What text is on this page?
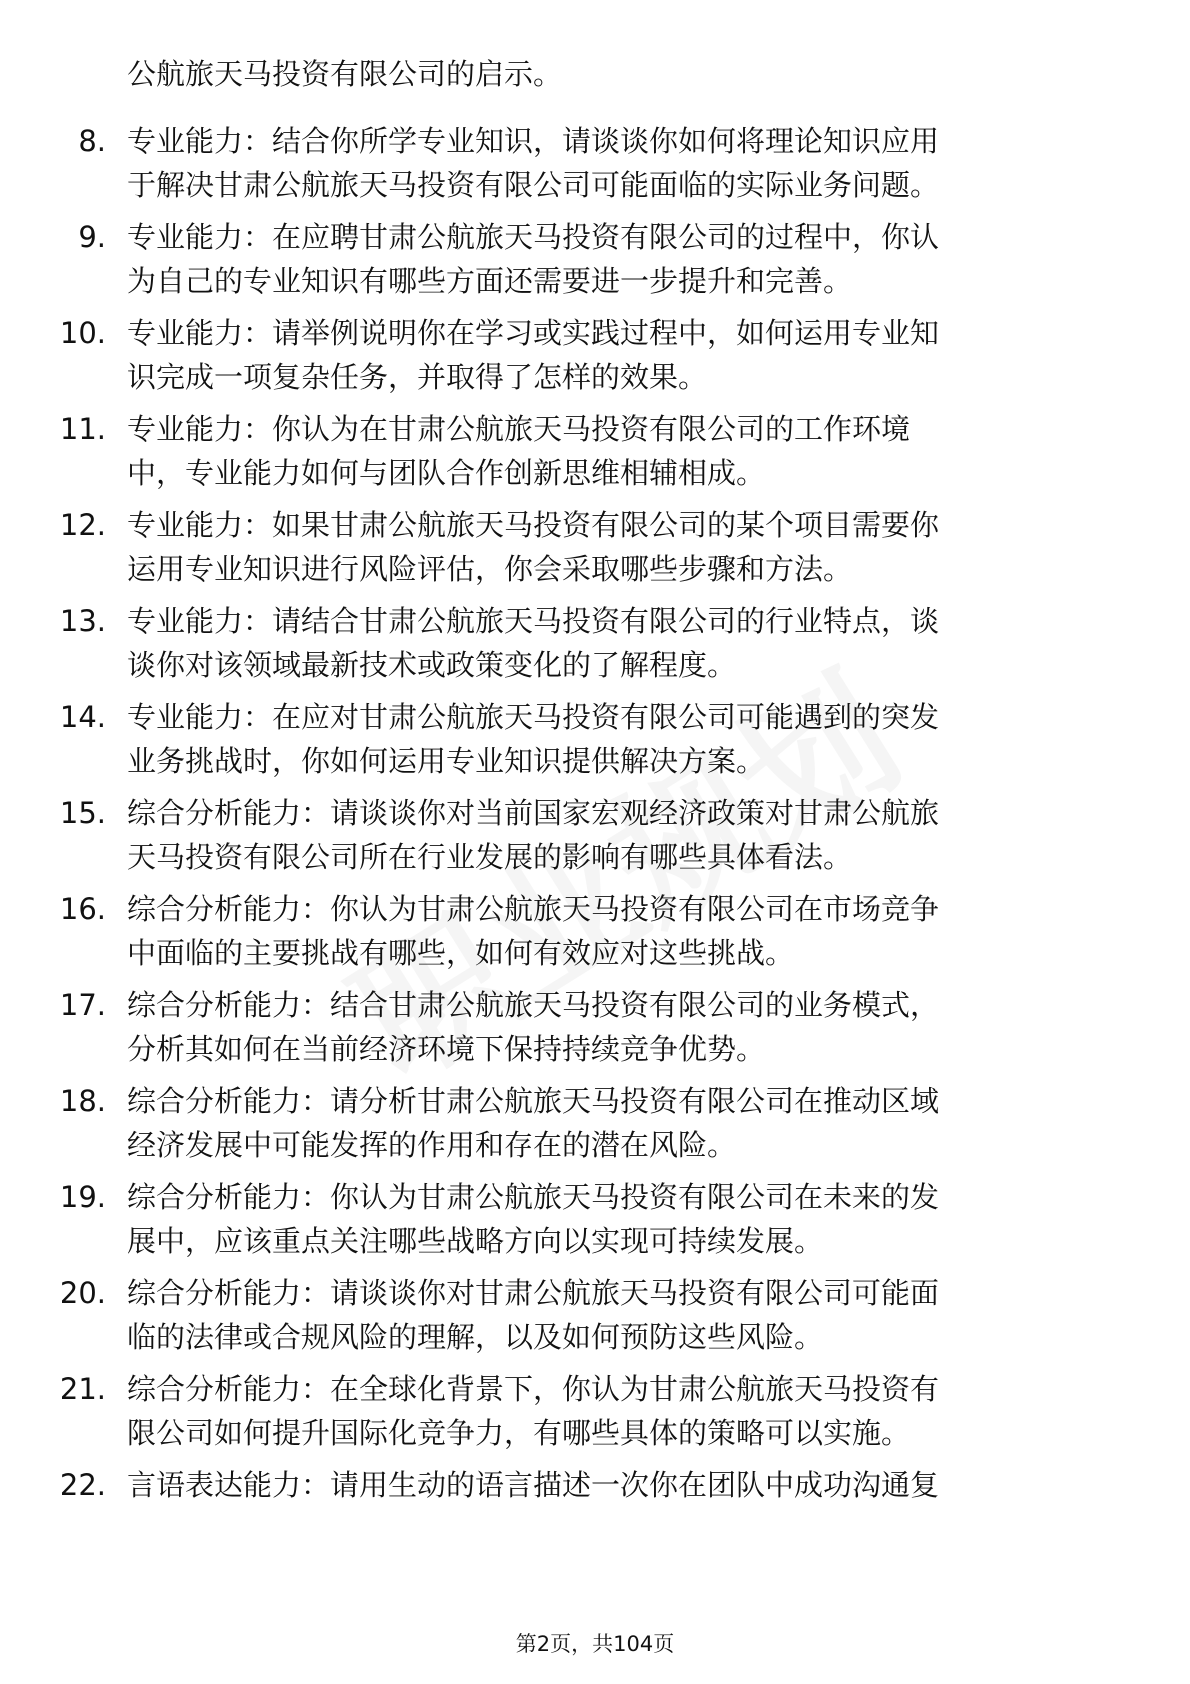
公航旅天马投资有限公司的启示。
8. 专业能力：结合你所学专业知识，请谈谈你如何将理论知识应用
于解决甘肃公航旅天马投资有限公司可能面临的实际业务问题。
9. 专业能力：在应聘甘肃公航旅天马投资有限公司的过程中，你认
为自己的专业知识有哪些方面还需要进一步提升和完善。
10. 专业能力：请举例说明你在学习或实践过程中，如何运用专业知
识完成一项复杂任务，并取得了怎样的效果。
11. 专业能力：你认为在甘肃公航旅天马投资有限公司的工作环境
中，专业能力如何与团队合作创新思维相辅相成。
12. 专业能力：如果甘肃公航旅天马投资有限公司的某个项目需要你
运用专业知识进行风险评估，你会采取哪些步骤和方法。
13. 专业能力：请结合甘肃公航旅天马投资有限公司的行业特点，谈
谈你对该领域最新技术或政策变化的了解程度。
14. 专业能力：在应对甘肃公航旅天马投资有限公司可能遇到的突发
业务挑战时，你如何运用专业知识提供解决方案。
15. 综合分析能力：请谈谈你对当前国家宏观经济政策对甘肃公航旅
天马投资有限公司所在行业发展的影响有哪些具体看法。
16. 综合分析能力：你认为甘肃公航旅天马投资有限公司在市场竞争
中面临的主要挑战有哪些，如何有效应对这些挑战。
17. 综合分析能力：结合甘肃公航旅天马投资有限公司的业务模式，
分析其如何在当前经济环境下保持持续竞争优势。
18. 综合分析能力：请分析甘肃公航旅天马投资有限公司在推动区域
经济发展中可能发挥的作用和存在的潜在风险。
19. 综合分析能力：你认为甘肃公航旅天马投资有限公司在未来的发
展中，应该重点关注哪些战略方向以实现可持续发展。
20. 综合分析能力：请谈谈你对甘肃公航旅天马投资有限公司可能面
临的法律或合规风险的理解，以及如何预防这些风险。
21. 综合分析能力：在全球化背景下，你认为甘肃公航旅天马投资有
限公司如何提升国际化竞争力，有哪些具体的策略可以实施。
22. 言语表达能力：请用生动的语言描述一次你在团队中成功沟通复
第2页，共104页
